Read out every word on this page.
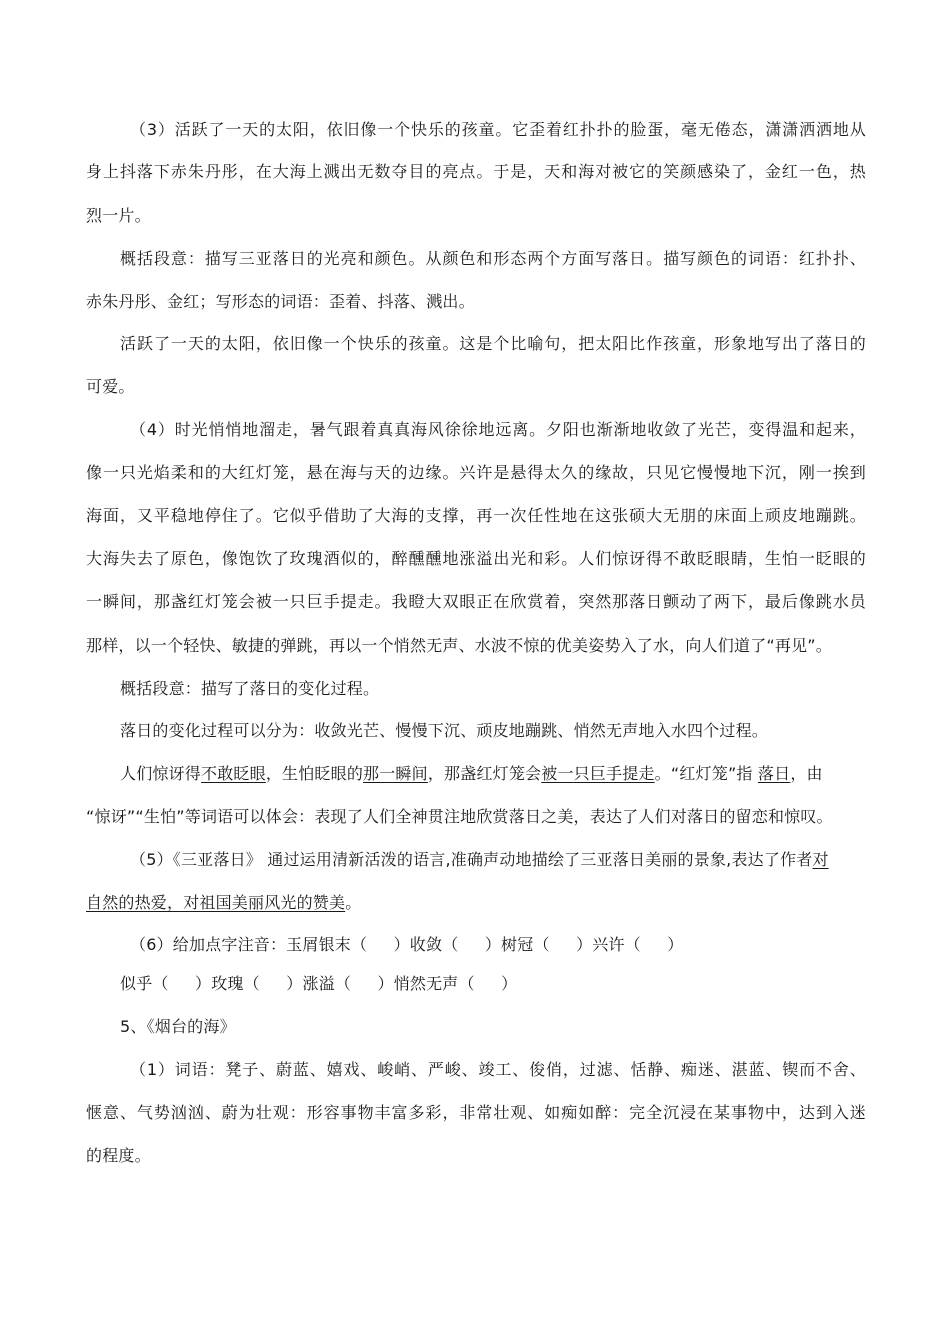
（3）活跃了一天的太阳，依旧像一个快乐的孩童。它歪着红扑扑的脸蛋，毫无倦态，潇潇洒洒地从
身上抖落下赤朱丹彤，在大海上溅出无数夺目的亮点。于是，天和海对被它的笑颜感染了，金红一色，热
烈一片。
概括段意：描写三亚落日的光亮和颜色。从颜色和形态两个方面写落日。描写颜色的词语：红扑扑、
赤朱丹彤、金红；写形态的词语：歪着、抖落、溅出。
活跃了一天的太阳，依旧像一个快乐的孩童。这是个比喻句，把太阳比作孩童，形象地写出了落日的
可爱。
（4）时光悄悄地溜走，暑气跟着真真海风徐徐地远离。夕阳也渐渐地收敛了光芒，变得温和起来，
像一只光焰柔和的大红灯笼，悬在海与天的边缘。兴许是悬得太久的缘故，只见它慢慢地下沉，刚一挨到
海面，又平稳地停住了。它似乎借助了大海的支撑，再一次任性地在这张硕大无朋的床面上顽皮地蹦跳。
大海失去了原色，像饱饮了玫瑰酒似的，醉醺醺地涨溢出光和彩。人们惊讶得不敢眨眼睛，生怕一眨眼的
一瞬间，那盏红灯笼会被一只巨手提走。我瞪大双眼正在欣赏着，突然那落日颤动了两下，最后像跳水员
那样，以一个轻快、敏捷的弹跳，再以一个悄然无声、水波不惊的优美姿势入了水，向人们道了“再见”。
概括段意：描写了落日的变化过程。
落日的变化过程可以分为：收敛光芒、慢慢下沉、顽皮地蹦跳、悄然无声地入水四个过程。
人们惊讶得不敢眨眼，生怕眨眼的那一瞬间，那盏红灯笼会被一只巨手提走。“红灯笼”指 落日，由
“惊讶”“生怕”等词语可以体会：表现了人们全神贯注地欣赏落日之美，表达了人们对落日的留恋和惊叹。
（5）《三亚落日》 通过运用清新活泼的语言,准确声动地描绘了三亚落日美丽的景象,表达了作者对
自然的热爱，对祖国美丽风光的赞美。
（6）给加点字注音：玉屑银末（     ）收敛（     ）树冠（     ）兴许（     ）
似乎（     ）玫瑰（     ）涨溢（     ）悄然无声（     ）
5、《烟台的海》
（1）词语：凳子、蔚蓝、嬉戏、峻峭、严峻、竣工、俊俏，过滤、恬静、痴迷、湛蓝、锲而不舍、
惬意、气势汹汹、蔚为壮观：形容事物丰富多彩，非常壮观、如痴如醉：完全沉浸在某事物中，达到入迷
的程度。
